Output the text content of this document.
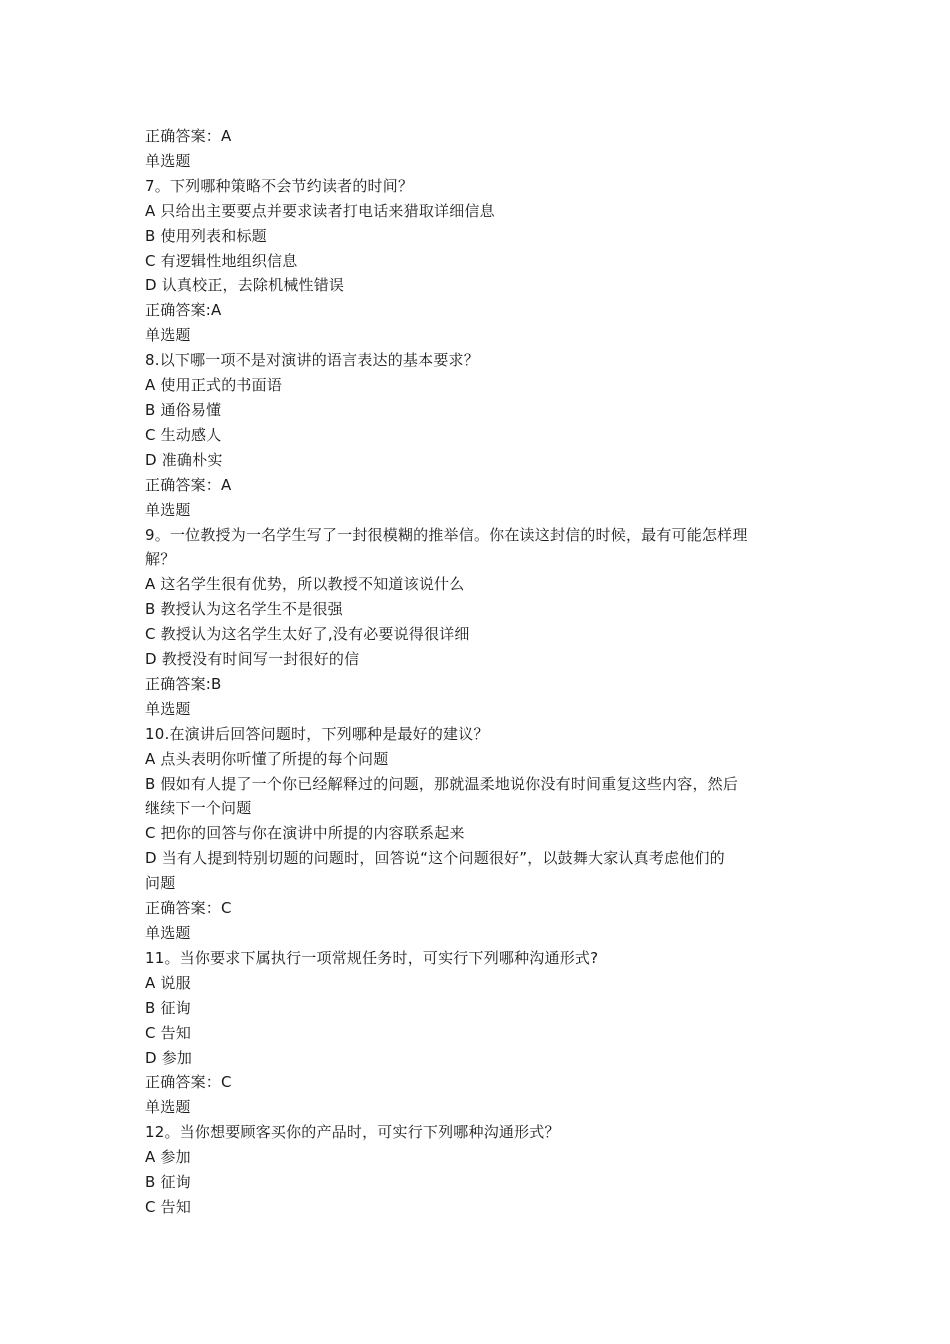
正确答案：A
单选题
7。下列哪种策略不会节约读者的时间？
A 只给出主要要点并要求读者打电话来猎取详细信息
B 使用列表和标题
C 有逻辑性地组织信息
D 认真校正，去除机械性错误
正确答案:A
单选题
8.以下哪一项不是对演讲的语言表达的基本要求？
A 使用正式的书面语
B 通俗易懂
C 生动感人
D 准确朴实
正确答案：A
单选题
9。一位教授为一名学生写了一封很模糊的推举信。你在读这封信的时候，最有可能怎样理
解？
A 这名学生很有优势，所以教授不知道该说什么
B 教授认为这名学生不是很强
C 教授认为这名学生太好了,没有必要说得很详细
D 教授没有时间写一封很好的信
正确答案:B
单选题
10.在演讲后回答问题时，下列哪种是最好的建议？
A 点头表明你听懂了所提的每个问题
B 假如有人提了一个你已经解释过的问题，那就温柔地说你没有时间重复这些内容，然后
继续下一个问题
C 把你的回答与你在演讲中所提的内容联系起来
D 当有人提到特别切题的问题时，回答说“这个问题很好”，以鼓舞大家认真考虑他们的
问题
正确答案：C
单选题
11。当你要求下属执行一项常规任务时，可实行下列哪种沟通形式?
A 说服
B 征询
C 告知
D 参加
正确答案：C
单选题
12。当你想要顾客买你的产品时，可实行下列哪种沟通形式？
A 参加
B 征询
C 告知
